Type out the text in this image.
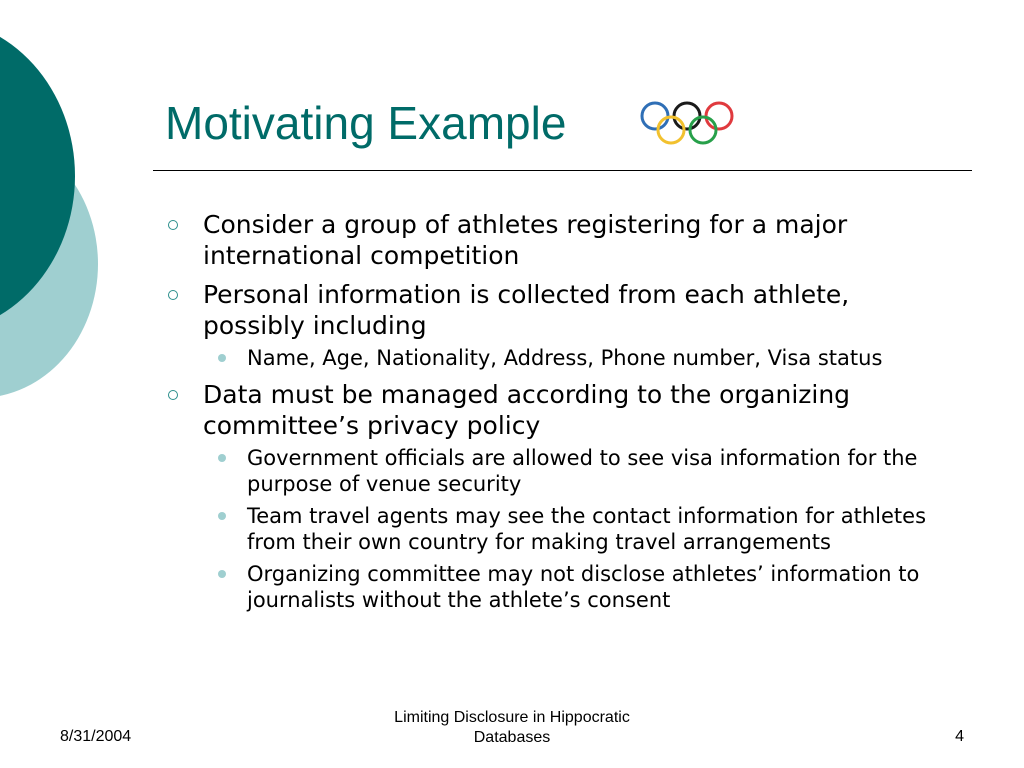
Motivating Example
Consider a group of athletes registering for a major international competition
Personal information is collected from each athlete, possibly including
Name, Age, Nationality, Address, Phone number, Visa status
Data must be managed according to the organizing committee’s privacy policy
Government officials are allowed to see visa information for the purpose of venue security
Team travel agents may see the contact information for athletes from their own country for making travel arrangements
Organizing committee may not disclose athletes’ information to journalists without the athlete’s consent
8/31/2004
Limiting Disclosure in Hippocratic
Databases	4
